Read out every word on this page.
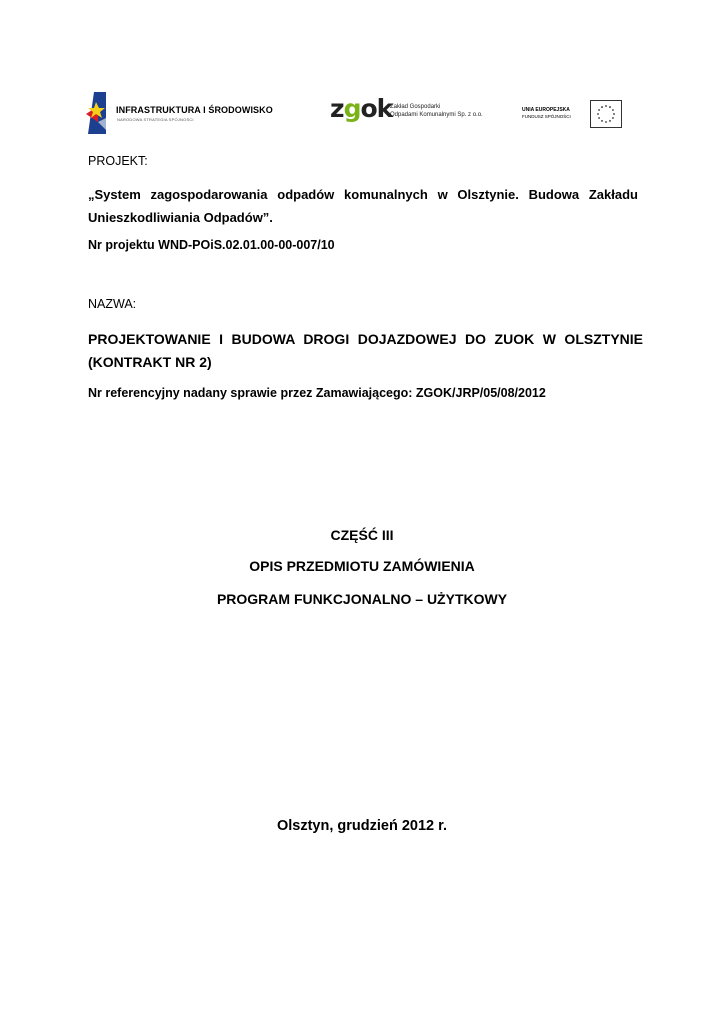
INFRASTRUKTURA I ŚRODOWISKO
NARODOWA STRATEGIA SPÓJNOŚCI	zgok
Zakład Gospodarki
Odpadami Komunalnymi Sp. z o.o.
UNIA EUROPEJSKA
FUNDUSZ SPÓJNOŚCI
PROJEKT:
„System zagospodarowania odpadów komunalnych w Olsztynie. Budowa Zakładu Unieszkodliwiania Odpadów”.
Nr projektu WND-POiS.02.01.00-00-007/10
NAZWA:
PROJEKTOWANIE I BUDOWA DROGI DOJAZDOWEJ DO ZUOK W OLSZTYNIE (KONTRAKT NR 2)
Nr referencyjny nadany sprawie przez Zamawiającego: ZGOK/JRP/05/08/2012
CZĘŚĆ III
OPIS PRZEDMIOTU ZAMÓWIENIA
PROGRAM FUNKCJONALNO – UŻYTKOWY
Olsztyn, grudzień 2012 r.
